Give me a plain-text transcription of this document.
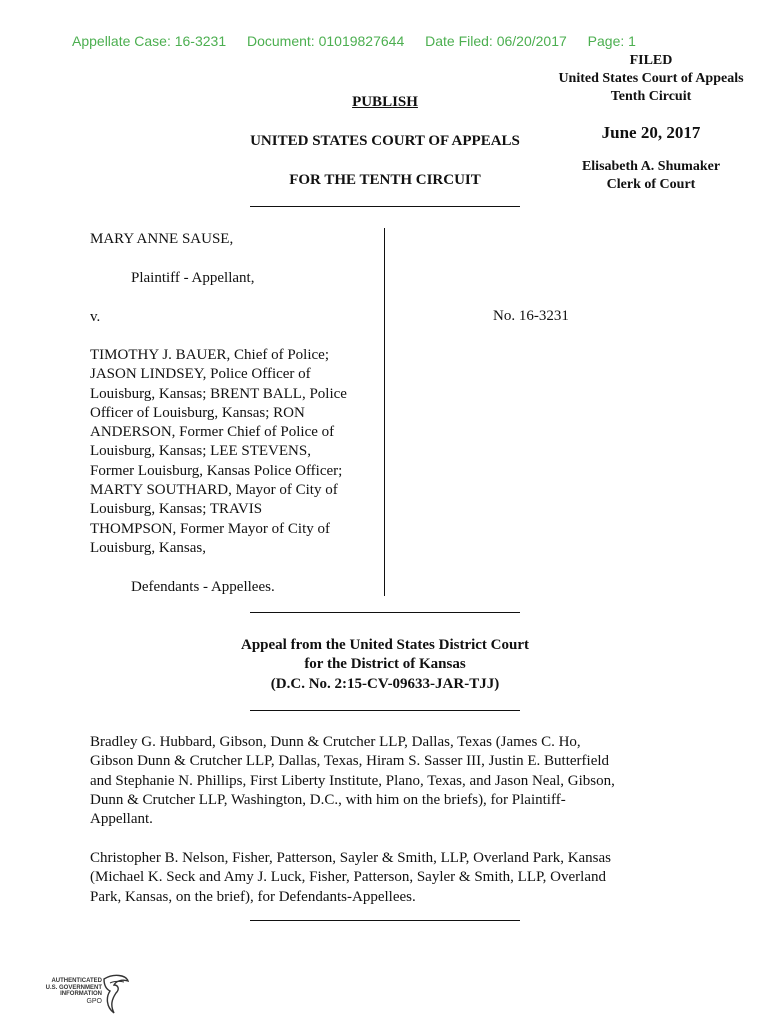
Appellate Case: 16-3231 Document: 01019827644 Date Filed: 06/20/2017 Page: 1
FILED
United States Court of Appeals
Tenth Circuit
June 20, 2017
Elisabeth A. Shumaker
Clerk of Court
PUBLISH
UNITED STATES COURT OF APPEALS
FOR THE TENTH CIRCUIT
MARY ANNE SAUSE,
Plaintiff - Appellant,
v.	No. 16-3231
TIMOTHY J. BAUER, Chief of Police;
JASON LINDSEY, Police Officer of
Louisburg, Kansas; BRENT BALL, Police
Officer of Louisburg, Kansas; RON
ANDERSON, Former Chief of Police of
Louisburg, Kansas; LEE STEVENS,
Former Louisburg, Kansas Police Officer;
MARTY SOUTHARD, Mayor of City of
Louisburg, Kansas; TRAVIS
THOMPSON, Former Mayor of City of
Louisburg, Kansas,
Defendants - Appellees.
Appeal from the United States District Court
for the District of Kansas
(D.C. No. 2:15-CV-09633-JAR-TJJ)
Bradley G. Hubbard, Gibson, Dunn & Crutcher LLP, Dallas, Texas (James C. Ho,
Gibson Dunn & Crutcher LLP, Dallas, Texas, Hiram S. Sasser III, Justin E. Butterfield
and Stephanie N. Phillips, First Liberty Institute, Plano, Texas, and Jason Neal, Gibson,
Dunn & Crutcher LLP, Washington, D.C., with him on the briefs), for Plaintiff-
Appellant.
Christopher B. Nelson, Fisher, Patterson, Sayler & Smith, LLP, Overland Park, Kansas
(Michael K. Seck and Amy J. Luck, Fisher, Patterson, Sayler & Smith, LLP, Overland
Park, Kansas, on the brief), for Defendants-Appellees.
AUTHENTICATED
U.S. GOVERNMENT
INFORMATION
GPO
